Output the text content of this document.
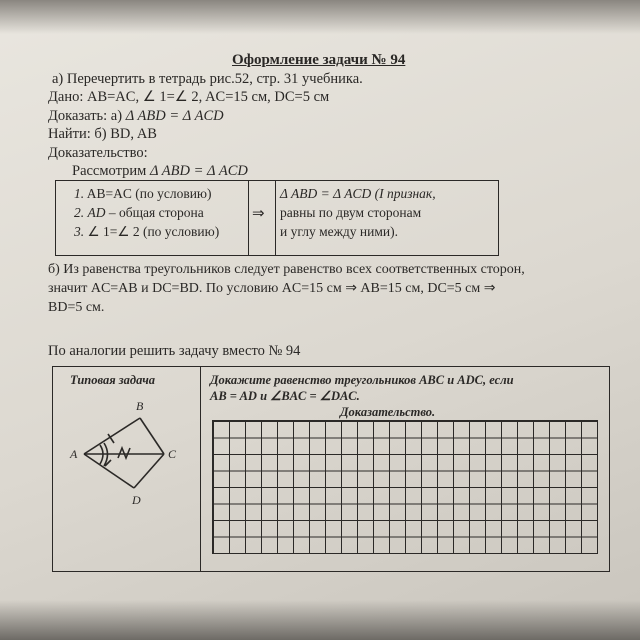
Оформление задачи № 94
а) Перечертить в тетрадь рис.52, стр. 31 учебника.
Дано: AB=AC, ∠ 1=∠ 2, AC=15 см, DC=5 см
Доказать: а) Δ ABD = Δ ACD
Найти: б) BD, AB
Доказательство:
Рассмотрим Δ ABD = Δ ACD
1. AB=AC (по условию)
2. AD – общая сторона
3. ∠ 1=∠ 2 (по условию)
⇒
Δ ABD = Δ ACD (I признак,
равны по двум сторонам
и углу между ними).
б) Из равенства треугольников следует равенство всех соответственных сторон,
значит AC=AB и DC=BD. По условию AC=15 см ⇒ AB=15 см, DC=5 см ⇒
BD=5 см.
По аналогии решить задачу вместо № 94
Типовая задача
B
A	C
D
Докажите равенство треугольников ABC и ADC, если
AB = AD и ∠BAC = ∠DAC.
Доказательство.
